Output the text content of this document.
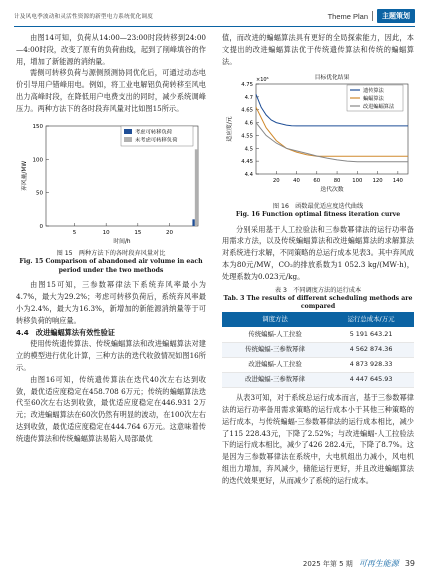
计及风电季波动和灵活性资源的新型电力系统优化调度	Theme Plan	主题策划

由图14可知，负荷从14:00—23:00时段转移到24:00—4:00时段，改变了原有的负荷曲线，起到了削峰填谷的作用，增加了新能源的消纳量。

需侧可转移负荷与源侧预测协同优化后，可通过动态电价引导用户错峰用电。例如，将工业电解铝负荷转移至风电出力高峰时段，在降低用户电费支出的同时，减少系统调峰压力。两种方法下的各时段弃风量对比如图15所示。

0
50
100
150
5	10	15	20
时间/h
弃风量/MW
考虑可转移负荷
未考虑可转移负荷
图 15　两种方法下的各时段弃风量对比
Fig. 15 Comparison of abandoned air volume in each period under the two methods

由图15可知，三参数幂律法下系统弃风率最小为4.7%，最大为29.2%；考虑可转移负荷后，系统弃风率最小为2.4%，最大为16.3%，新增加的新能源消纳量等于可转移负荷的响应量。

4.4　改进蝙蝠算法有效性验证

使用传统遗传算法、传统蝙蝠算法和改进蝙蝠算法对建立的模型进行优化计算，三种方法的迭代收敛情况如图16所示。

由图16可知，传统遗传算法在迭代40次左右达到收敛，最优适应度稳定在458.708 6万元；传统的蝙蝠算法迭代至60次左右达到收敛，最优适应度稳定在446.931 2万元；改进蝙蝠算法在60次仍然有明显的波动，在100次左右达到收敛，最优适应度稳定在444.764 6万元。这意味着传统遗传算法和传统蝙蝠算法易陷入局部最优

值，而改进的蝙蝠算法具有更好的全局探索能力，因此，本文提出的改进蝙蝠算法优于传统遗传算法和传统的蝙蝠算法。

目标优化结果
×10⁶
4.4
4.45
4.5
4.55
4.6
4.65
4.7
4.75
20	40	60	80 100 120 140
迭代次数
适应度/元
遗传算法
蝙蝠算法
改进蝙蝠算法
图 16　函数最优适应度迭代曲线
Fig. 16 Function optimal fitness iteration curve

分别采用基于人工拉验法和三参数幂律法的运行功率备用需求方法，以及传统蝙蝠算法和改进蝙蝠算法的求解算法对系统进行求解，不同策略的总运行成本见表3。其中弃风成本为80元/MW，CO₂的排放系数为1 052.3 kg/(MW·h)，处理系数为0.023元/kg。

表 3　不同调度方法的运行成本
Tab. 3 The results of different scheduling methods are compared
调度方法	运行总成本/万元
传统蝙蝠-人工拉验	5 191 643.21
传统蝙蝠-三参数幂律	4 562 874.36
改进蝙蝠-人工拉验	4 873 928.33
改进蝙蝠-三参数幂律	4 447 645.93

从表3可知，对于系统总运行成本而言，基于三参数幂律法的运行功率备用需求策略的运行成本小于其他三种策略的运行成本，与传统蝙蝠-三参数幂律法的运行成本相比，减少了115 228.43元，下降了2.52%；与改进蝙蝠-人工拉验法下的运行成本相比，减少了426 282.4元，下降了8.7%。这是因为三参数幂律法在系统中，大电机组出力减小，风电机组出力增加，弃风减少，储能运行更好，并且改进蝙蝠算法的迭代效果更好，从而减少了系统的运行成本。

2025 年第 5 期 可再生能源 39
